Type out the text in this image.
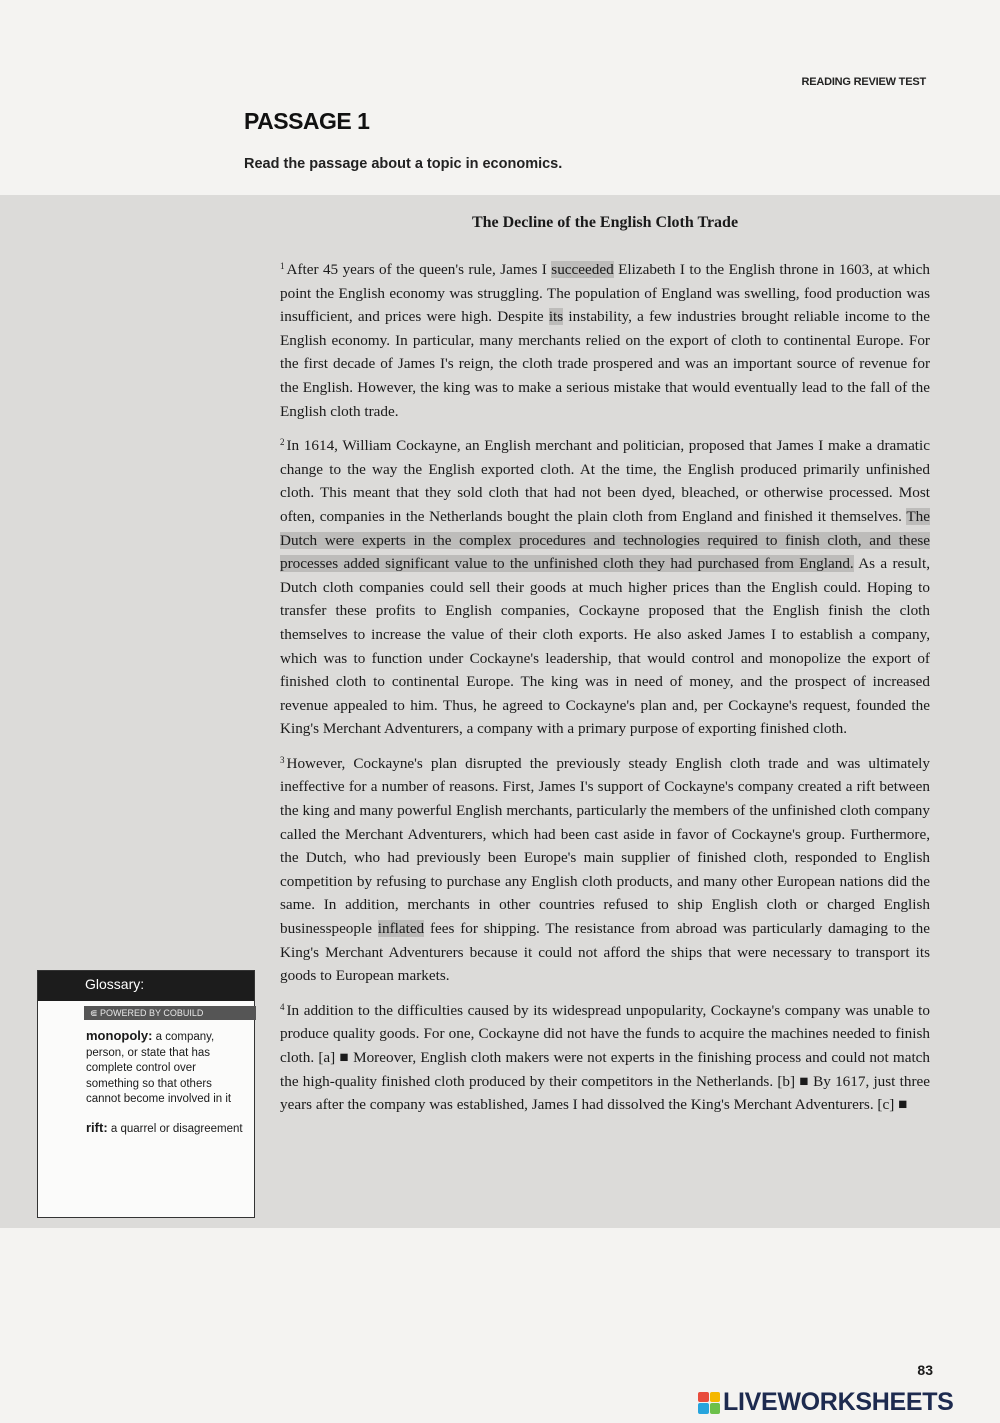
READING REVIEW TEST
PASSAGE 1
Read the passage about a topic in economics.
The Decline of the English Cloth Trade

$^1$ After 45 years of the queen's rule, James I succeeded Elizabeth I to the English throne in 1603, at which point the English economy was struggling. The population of England was swelling, food production was insufficient, and prices were high. Despite its instability, a few industries brought reliable income to the English economy. In particular, many merchants relied on the export of cloth to continental Europe. For the first decade of James I's reign, the cloth trade prospered and was an important source of revenue for the English. However, the king was to make a serious mistake that would eventually lead to the fall of the English cloth trade.

$^2$ In 1614, William Cockayne, an English merchant and politician, proposed that James I make a dramatic change to the way the English exported cloth. At the time, the English produced primarily unfinished cloth. This meant that they sold cloth that had not been dyed, bleached, or otherwise processed. Most often, companies in the Netherlands bought the plain cloth from England and finished it themselves. The Dutch were experts in the complex procedures and technologies required to finish cloth, and these processes added significant value to the unfinished cloth they had purchased from England. As a result, Dutch cloth companies could sell their goods at much higher prices than the English could. Hoping to transfer these profits to English companies, Cockayne proposed that the English finish the cloth themselves to increase the value of their cloth exports. He also asked James I to establish a company, which was to function under Cockayne's leadership, that would control and monopolize the export of finished cloth to continental Europe. The king was in need of money, and the prospect of increased revenue appealed to him. Thus, he agreed to Cockayne's plan and, per Cockayne's request, founded the King's Merchant Adventurers, a company with a primary purpose of exporting finished cloth.

$^3$ However, Cockayne's plan disrupted the previously steady English cloth trade and was ultimately ineffective for a number of reasons. First, James I's support of Cockayne's company created a rift between the king and many powerful English merchants, particularly the members of the unfinished cloth company called the Merchant Adventurers, which had been cast aside in favor of Cockayne's group. Furthermore, the Dutch, who had previously been Europe's main supplier of finished cloth, responded to English competition by refusing to purchase any English cloth products, and many other European nations did the same. In addition, merchants in other countries refused to ship English cloth or charged English businesspeople inflated fees for shipping. The resistance from abroad was particularly damaging to the King's Merchant Adventurers because it could not afford the ships that were necessary to transport its goods to European markets.

$^4$ In addition to the difficulties caused by its widespread unpopularity, Cockayne's company was unable to produce quality goods. For one, Cockayne did not have the funds to acquire the machines needed to finish cloth. [a] ■ Moreover, English cloth makers were not experts in the finishing process and could not match the high-quality finished cloth produced by their competitors in the Netherlands. [b] ■ By 1617, just three years after the company was established, James I had dissolved the King's Merchant Adventurers. [c] ■

Glossary:
⋐ POWERED BY COBUILD
monopoly: a company, person, or state that has complete control over something so that others cannot become involved in it
rift: a quarrel or disagreement
83
LIVEWORKSHEETS
